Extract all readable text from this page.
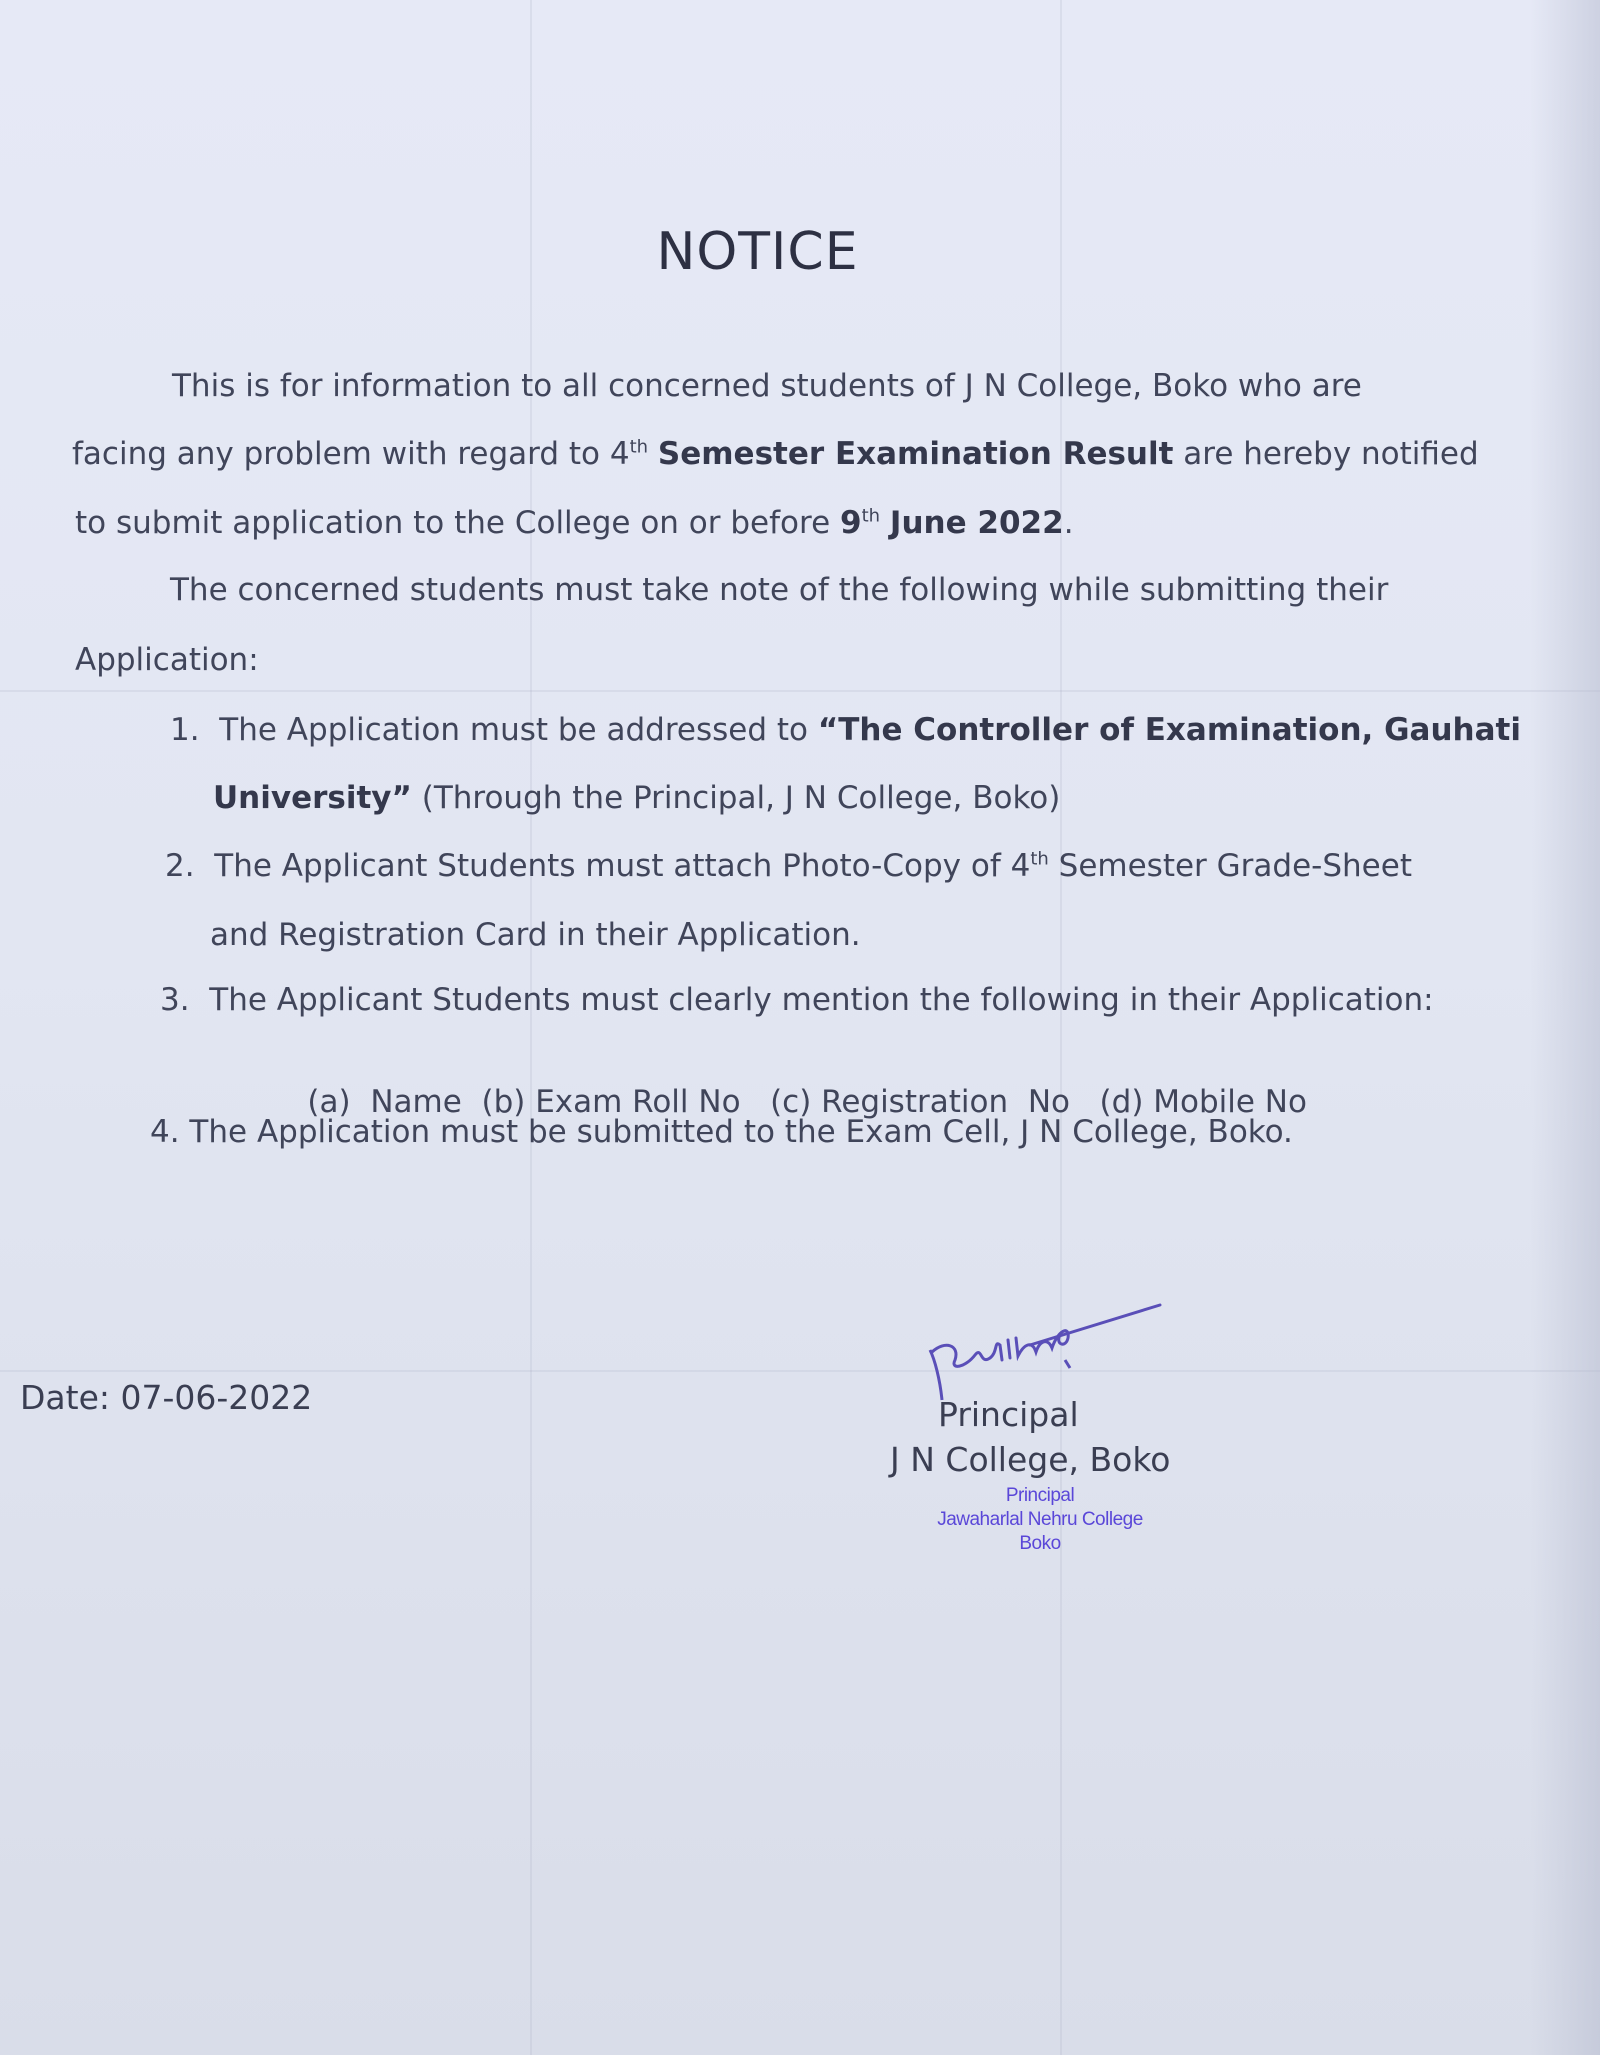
NOTICE
This is for information to all concerned students of J N College, Boko who are
facing any problem with regard to 4th Semester Examination Result are hereby notified
to submit application to the College on or before 9th June 2022.
The concerned students must take note of the following while submitting their
Application:
1. The Application must be addressed to “The Controller of Examination, Gauhati
University” (Through the Principal, J N College, Boko)
2. The Applicant Students must attach Photo-Copy of 4th Semester Grade-Sheet
and Registration Card in their Application.
3. The Applicant Students must clearly mention the following in their Application:

(a)  Name  (b) Exam Roll No   (c) Registration  No   (d) Mobile No

4. The Application must be submitted to the Exam Cell, J N College, Boko.
Date: 07-06-2022	Principal
J N College, Boko
Principal
Jawaharlal Nehru College
Boko
